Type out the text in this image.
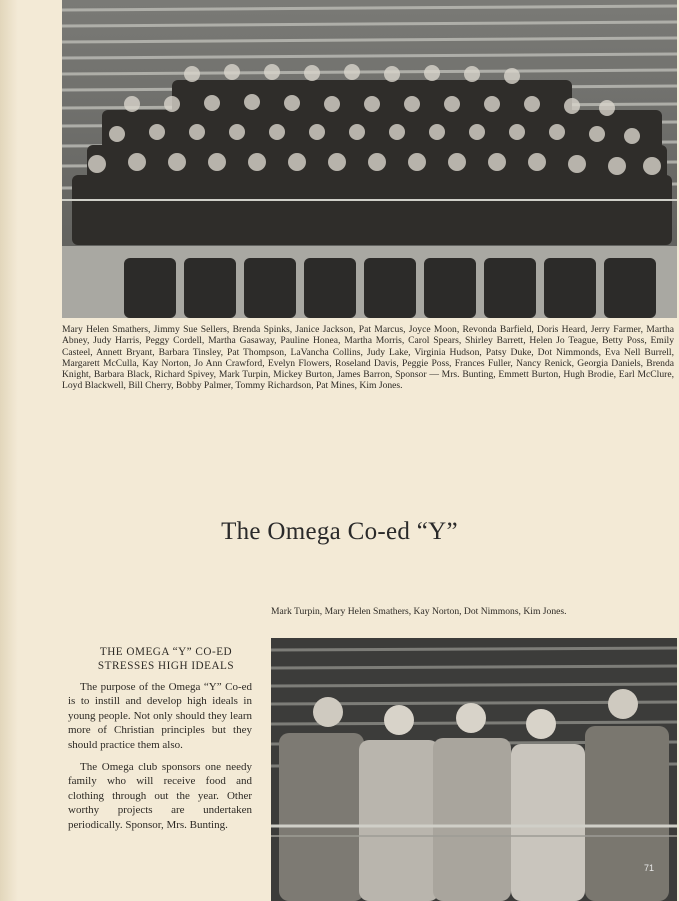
Mary Helen Smathers, Jimmy Sue Sellers, Brenda Spinks, Janice Jackson, Pat Marcus, Joyce Moon, Revonda Barfield, Doris Heard, Jerry Farmer, Martha Abney, Judy Harris, Peggy Cordell, Martha Gasaway, Pauline Honea, Martha Morris, Carol Spears, Shirley Barrett, Helen Jo Teague, Betty Poss, Emily Casteel, Annett Bryant, Barbara Tinsley, Pat Thompson, LaVancha Collins, Judy Lake, Virginia Hudson, Patsy Duke, Dot Nimmonds, Eva Nell Burrell, Margarett McCulla, Kay Norton, Jo Ann Crawford, Evelyn Flowers, Roseland Davis, Peggie Poss, Frances Fuller, Nancy Renick, Georgia Daniels, Brenda Knight, Barbara Black, Richard Spivey, Mark Turpin, Mickey Burton, James Barron, Sponsor — Mrs. Bunting, Emmett Burton, Hugh Brodie, Earl McClure, Loyd Blackwell, Bill Cherry, Bobby Palmer, Tommy Richardson, Pat Mines, Kim Jones.
The Omega Co-ed “Y”
Mark Turpin, Mary Helen Smathers, Kay Norton, Dot Nimmons, Kim Jones.
THE OMEGA “Y” CO-ED
STRESSES HIGH IDEALS

The purpose of the Omega “Y” Co-ed is to instill and develop high ideals in young people. Not only should they learn more of Christian principles but they should practice them also.

The Omega club sponsors one needy family who will receive food and clothing through out the year. Other worthy projects are undertaken periodically. Sponsor, Mrs. Bunting.

71
